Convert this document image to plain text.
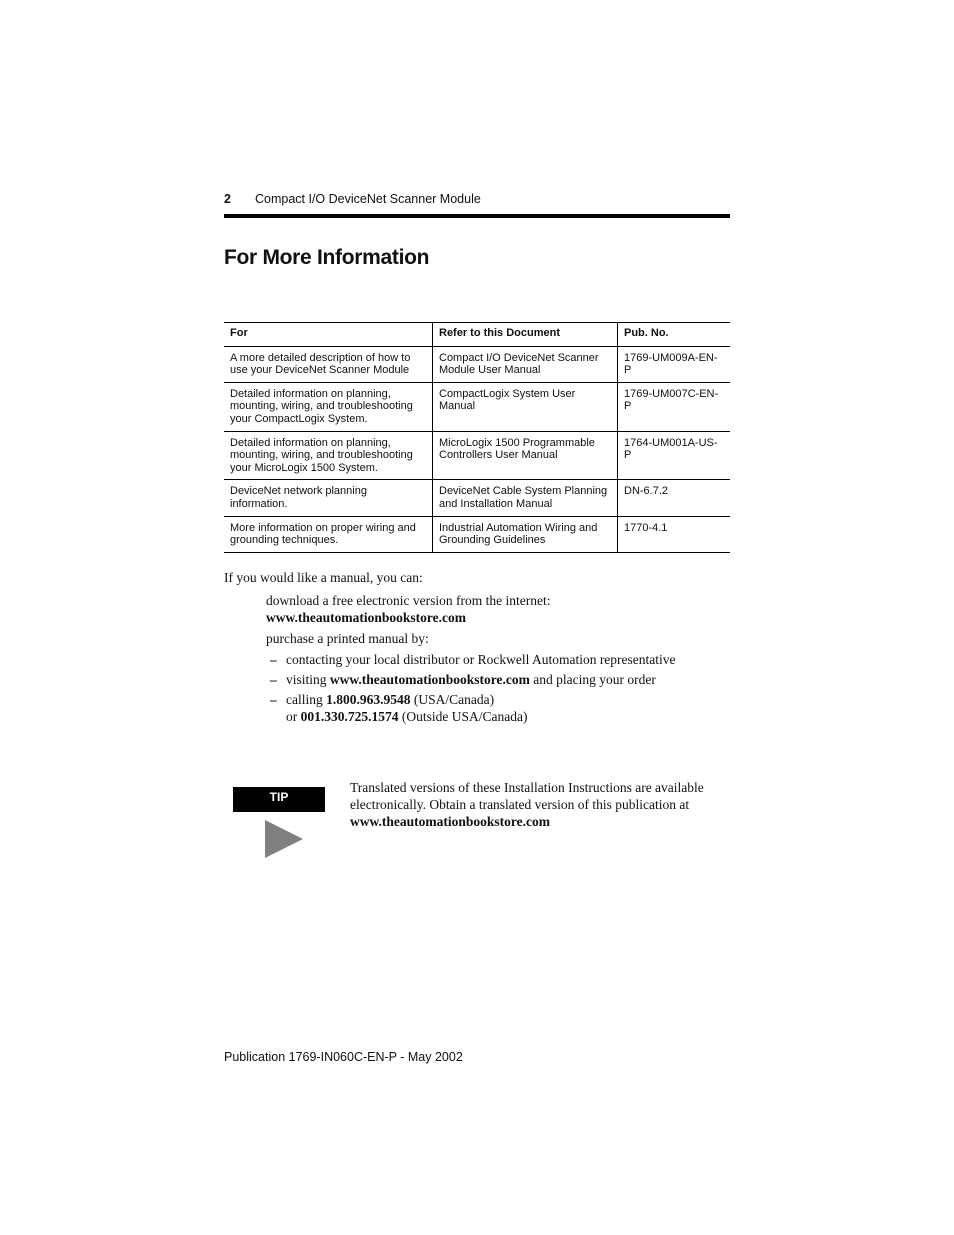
2 Compact I/O DeviceNet Scanner Module
For More Information
For	Refer to this Document	Pub. No.
A more detailed description of how to use your DeviceNet Scanner Module	Compact I/O DeviceNet Scanner Module User Manual	1769-UM009A-EN-P
Detailed information on planning, mounting, wiring, and troubleshooting your CompactLogix System.	CompactLogix System User Manual	1769-UM007C-EN-P
Detailed information on planning, mounting, wiring, and troubleshooting your MicroLogix 1500 System.	MicroLogix 1500 Programmable Controllers User Manual	1764-UM001A-US-P
DeviceNet network planning information.	DeviceNet Cable System Planning and Installation Manual	DN-6.7.2
More information on proper wiring and grounding techniques.	Industrial Automation Wiring and Grounding Guidelines	1770-4.1

If you would like a manual, you can:

download a free electronic version from the internet:

www.theautomationbookstore.com

purchase a printed manual by:

– contacting your local distributor or Rockwell Automation representative
– visiting www.theautomationbookstore.com and placing your order
– calling 1.800.963.9548 (USA/Canada)
or 001.330.725.1574 (Outside USA/Canada)
TIP
Translated versions of these Installation Instructions are available electronically. Obtain a translated version of this publication at www.theautomationbookstore.com
Publication 1769-IN060C-EN-P - May 2002
